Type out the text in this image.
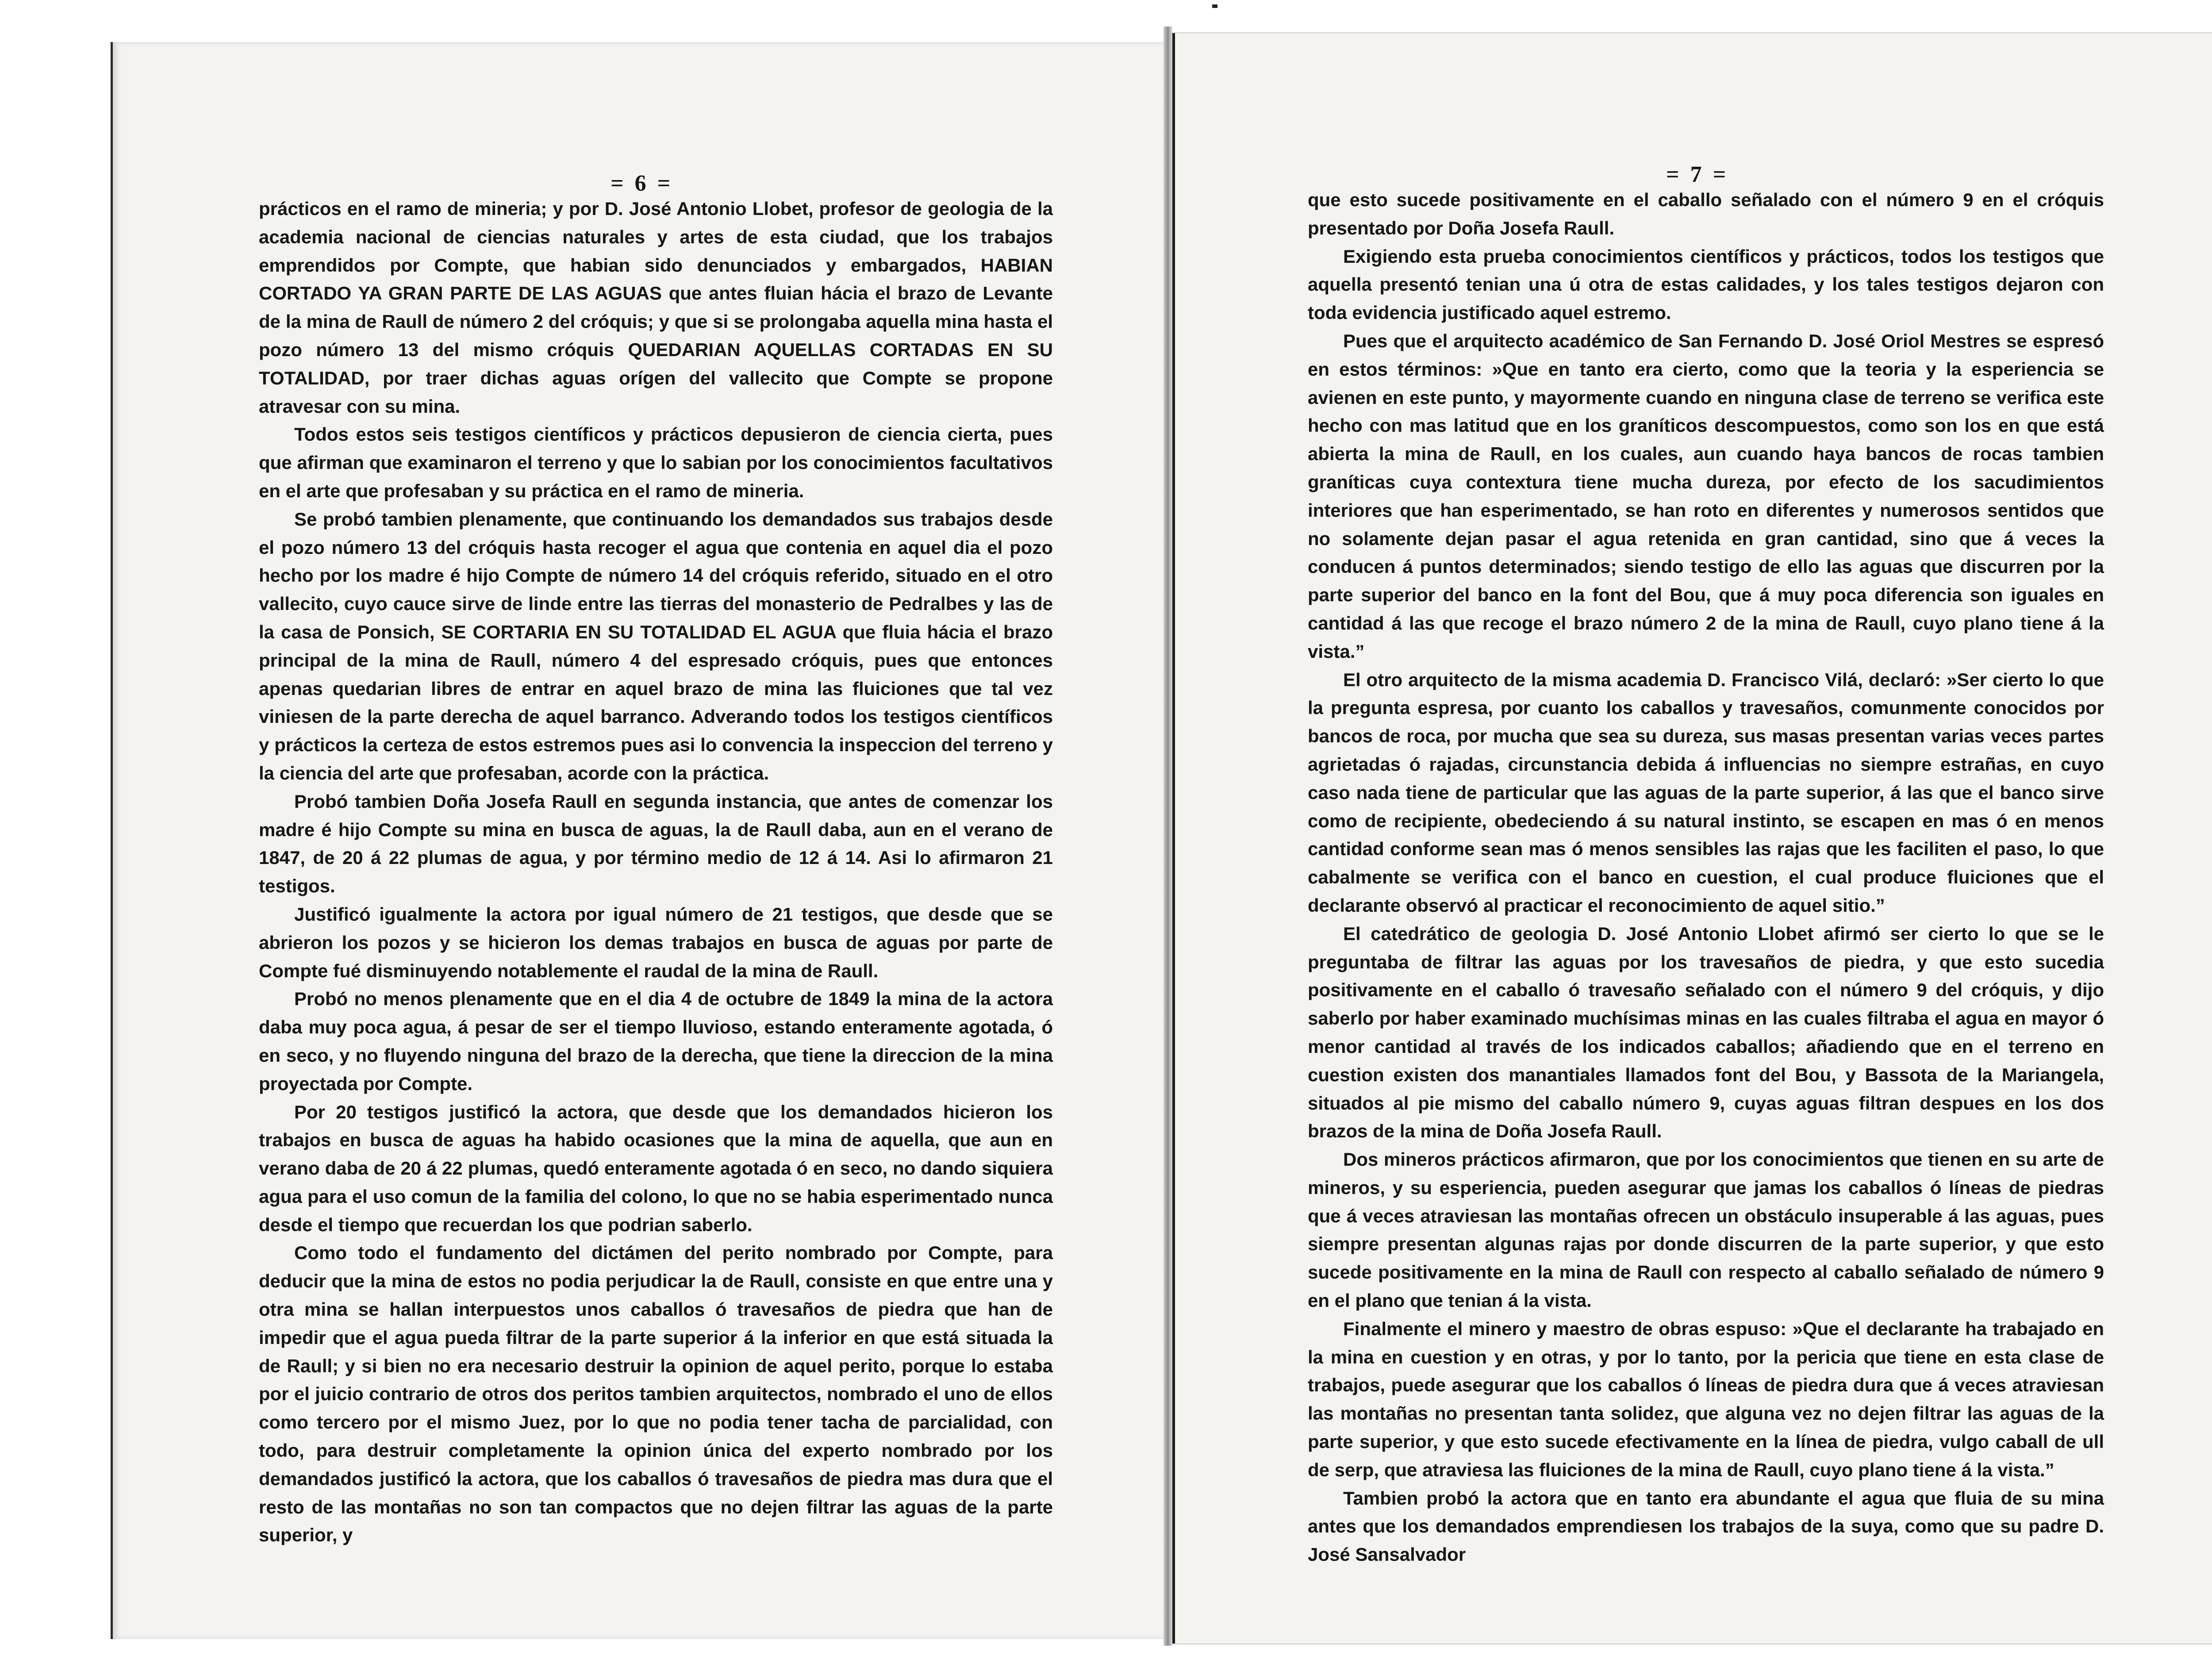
= 6 =

prácticos en el ramo de mineria; y por D. José Antonio Llobet, profesor de geologia de la academia nacional de ciencias naturales y artes de esta ciudad, que los trabajos emprendidos por Compte, que habian sido denunciados y embargados, HABIAN CORTADO YA GRAN PARTE DE LAS AGUAS que antes fluian hácia el brazo de Levante de la mina de Raull de número 2 del cróquis; y que si se prolongaba aquella mina hasta el pozo número 13 del mismo cróquis QUEDARIAN AQUELLAS CORTADAS EN SU TOTALIDAD, por traer dichas aguas orígen del vallecito que Compte se propone atravesar con su mina.

Todos estos seis testigos científicos y prácticos depusieron de ciencia cierta, pues que afirman que examinaron el terreno y que lo sabian por los conocimientos facultativos en el arte que profesaban y su práctica en el ramo de mineria.

Se probó tambien plenamente, que continuando los demandados sus trabajos desde el pozo número 13 del cróquis hasta recoger el agua que contenia en aquel dia el pozo hecho por los madre é hijo Compte de número 14 del cróquis referido, situado en el otro vallecito, cuyo cauce sirve de linde entre las tierras del monasterio de Pedralbes y las de la casa de Ponsich, SE CORTARIA EN SU TOTALIDAD EL AGUA que fluia hácia el brazo principal de la mina de Raull, número 4 del espresado cróquis, pues que entonces apenas quedarian libres de entrar en aquel brazo de mina las fluiciones que tal vez viniesen de la parte derecha de aquel barranco. Adverando todos los testigos científicos y prácticos la certeza de estos estremos pues asi lo convencia la inspeccion del terreno y la ciencia del arte que profesaban, acorde con la práctica.

Probó tambien Doña Josefa Raull en segunda instancia, que antes de comenzar los madre é hijo Compte su mina en busca de aguas, la de Raull daba, aun en el verano de 1847, de 20 á 22 plumas de agua, y por término medio de 12 á 14. Asi lo afirmaron 21 testigos.

Justificó igualmente la actora por igual número de 21 testigos, que desde que se abrieron los pozos y se hicieron los demas trabajos en busca de aguas por parte de Compte fué disminuyendo notablemente el raudal de la mina de Raull.

Probó no menos plenamente que en el dia 4 de octubre de 1849 la mina de la actora daba muy poca agua, á pesar de ser el tiempo lluvioso, estando enteramente agotada, ó en seco, y no fluyendo ninguna del brazo de la derecha, que tiene la direccion de la mina proyectada por Compte.

Por 20 testigos justificó la actora, que desde que los demandados hicieron los trabajos en busca de aguas ha habido ocasiones que la mina de aquella, que aun en verano daba de 20 á 22 plumas, quedó enteramente agotada ó en seco, no dando siquiera agua para el uso comun de la familia del colono, lo que no se habia esperimentado nunca desde el tiempo que recuerdan los que podrian saberlo.

Como todo el fundamento del dictámen del perito nombrado por Compte, para deducir que la mina de estos no podia perjudicar la de Raull, consiste en que entre una y otra mina se hallan interpuestos unos caballos ó travesaños de piedra que han de impedir que el agua pueda filtrar de la parte superior á la inferior en que está situada la de Raull; y si bien no era necesario destruir la opinion de aquel perito, porque lo estaba por el juicio contrario de otros dos peritos tambien arquitectos, nombrado el uno de ellos como tercero por el mismo Juez, por lo que no podia tener tacha de parcialidad, con todo, para destruir completamente la opinion única del experto nombrado por los demandados justificó la actora, que los caballos ó travesaños de piedra mas dura que el resto de las montañas no son tan compactos que no dejen filtrar las aguas de la parte superior, y

= 7 =

que esto sucede positivamente en el caballo señalado con el número 9 en el cróquis presentado por Doña Josefa Raull.

Exigiendo esta prueba conocimientos científicos y prácticos, todos los testigos que aquella presentó tenian una ú otra de estas calidades, y los tales testigos dejaron con toda evidencia justificado aquel estremo.

Pues que el arquitecto académico de San Fernando D. José Oriol Mestres se espresó en estos términos: »Que en tanto era cierto, como que la teoria y la esperiencia se avienen en este punto, y mayormente cuando en ninguna clase de terreno se verifica este hecho con mas latitud que en los graníticos descompuestos, como son los en que está abierta la mina de Raull, en los cuales, aun cuando haya bancos de rocas tambien graníticas cuya contextura tiene mucha dureza, por efecto de los sacudimientos interiores que han esperimentado, se han roto en diferentes y numerosos sentidos que no solamente dejan pasar el agua retenida en gran cantidad, sino que á veces la conducen á puntos determinados; siendo testigo de ello las aguas que discurren por la parte superior del banco en la font del Bou, que á muy poca diferencia son iguales en cantidad á las que recoge el brazo número 2 de la mina de Raull, cuyo plano tiene á la vista.”

El otro arquitecto de la misma academia D. Francisco Vilá, declaró: »Ser cierto lo que la pregunta espresa, por cuanto los caballos y travesaños, comunmente conocidos por bancos de roca, por mucha que sea su dureza, sus masas presentan varias veces partes agrietadas ó rajadas, circunstancia debida á influencias no siempre estrañas, en cuyo caso nada tiene de particular que las aguas de la parte superior, á las que el banco sirve como de recipiente, obedeciendo á su natural instinto, se escapen en mas ó en menos cantidad conforme sean mas ó menos sensibles las rajas que les faciliten el paso, lo que cabalmente se verifica con el banco en cuestion, el cual produce fluiciones que el declarante observó al practicar el reconocimiento de aquel sitio.”

El catedrático de geologia D. José Antonio Llobet afirmó ser cierto lo que se le preguntaba de filtrar las aguas por los travesaños de piedra, y que esto sucedia positivamente en el caballo ó travesaño señalado con el número 9 del cróquis, y dijo saberlo por haber examinado muchísimas minas en las cuales filtraba el agua en mayor ó menor cantidad al través de los indicados caballos; añadiendo que en el terreno en cuestion existen dos manantiales llamados font del Bou, y Bassota de la Mariangela, situados al pie mismo del caballo número 9, cuyas aguas filtran despues en los dos brazos de la mina de Doña Josefa Raull.

Dos mineros prácticos afirmaron, que por los conocimientos que tienen en su arte de mineros, y su esperiencia, pueden asegurar que jamas los caballos ó líneas de piedras que á veces atraviesan las montañas ofrecen un obstáculo insuperable á las aguas, pues siempre presentan algunas rajas por donde discurren de la parte superior, y que esto sucede positivamente en la mina de Raull con respecto al caballo señalado de número 9 en el plano que tenian á la vista.

Finalmente el minero y maestro de obras espuso: »Que el declarante ha trabajado en la mina en cuestion y en otras, y por lo tanto, por la pericia que tiene en esta clase de trabajos, puede asegurar que los caballos ó líneas de piedra dura que á veces atraviesan las montañas no presentan tanta solidez, que alguna vez no dejen filtrar las aguas de la parte superior, y que esto sucede efectivamente en la línea de piedra, vulgo caball de ull de serp, que atraviesa las fluiciones de la mina de Raull, cuyo plano tiene á la vista.”

Tambien probó la actora que en tanto era abundante el agua que fluia de su mina antes que los demandados emprendiesen los trabajos de la suya, como que su padre D. José Sansalvador
